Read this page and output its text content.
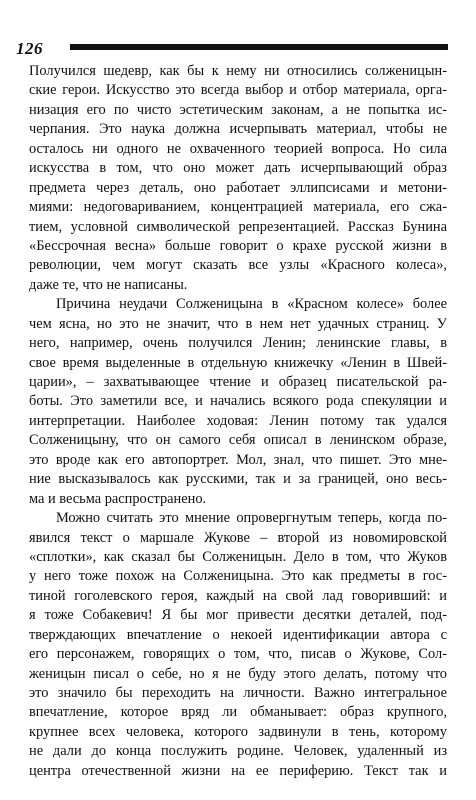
126
Получился шедевр, как бы к нему ни относились солженицын-
ские герои. Искусство это всегда выбор и отбор материала, орга-
низация его по чисто эстетическим законам, а не попытка ис-
черпания. Это наука должна исчерпывать материал, чтобы не
осталось ни одного не охваченного теорией вопроса. Но сила
искусства в том, что оно может дать исчерпывающий образ
предмета через деталь, оно работает эллипсисами и метони-
миями: недоговариванием, концентрацией материала, его сжа-
тием, условной символической репрезентацией. Рассказ Бунина
«Бессрочная весна» больше говорит о крахе русской жизни в
революции, чем могут сказать все узлы «Красного колеса»,
даже те, что не написаны.
Причина неудачи Солженицына в «Красном колесе» более
чем ясна, но это не значит, что в нем нет удачных страниц. У
него, например, очень получился Ленин; ленинские главы, в
свое время выделенные в отдельную книжечку «Ленин в Швей-
царии», – захватывающее чтение и образец писательской ра-
боты. Это заметили все, и начались всякого рода спекуляции и
интерпретации. Наиболее ходовая: Ленин потому так удался
Солженицыну, что он самого себя описал в ленинском образе,
это вроде как его автопортрет. Мол, знал, что пишет. Это мне-
ние высказывалось как русскими, так и за границей, оно весь-
ма и весьма распространено.
Можно считать это мнение опровергнутым теперь, когда по-
явился текст о маршале Жукове – второй из новомировской
«сплотки», как сказал бы Солженицын. Дело в том, что Жуков
у него тоже похож на Солженицына. Это как предметы в гос-
тиной гоголевского героя, каждый на свой лад говоривший: и
я тоже Собакевич! Я бы мог привести десятки деталей, под-
тверждающих впечатление о некоей идентификации автора с
его персонажем, говорящих о том, что, писав о Жукове, Сол-
женицын писал о себе, но я не буду этого делать, потому что
это значило бы переходить на личности. Важно интегральное
впечатление, которое вряд ли обманывает: образ крупного,
крупнее всех человека, которого задвинули в тень, которому
не дали до конца послужить родине. Человек, удаленный из
центра отечественной жизни на ее периферию. Текст так и
